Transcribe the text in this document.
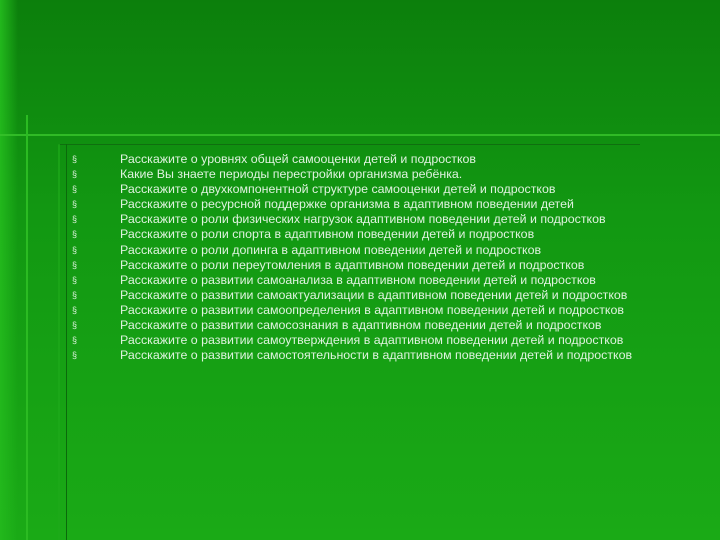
§	Расскажите о уровнях общей самооценки детей и подростков
§	Какие Вы знаете периоды перестройки организма ребёнка.
§	Расскажите о двухкомпонентной структуре самооценки детей и подростков
§	Расскажите о ресурсной поддержке организма в адаптивном поведении детей
§	Расскажите о роли физических нагрузок адаптивном поведении детей и подростков
§	Расскажите о роли спорта в адаптивном поведении детей и подростков
§	Расскажите о роли допинга в адаптивном поведении детей и подростков
§	Расскажите о роли переутомления в адаптивном поведении детей и подростков
§	Расскажите о развитии самоанализа в адаптивном поведении детей и подростков
§	Расскажите о развитии самоактуализации в адаптивном поведении детей и подростков
§	Расскажите о развитии самоопределения в адаптивном поведении детей и подростков
§	Расскажите о развитии самосознания в адаптивном поведении детей и подростков
§	Расскажите о развитии самоутверждения в адаптивном поведении детей и подростков
§	Расскажите о развитии самостоятельности в адаптивном поведении детей и подростков
